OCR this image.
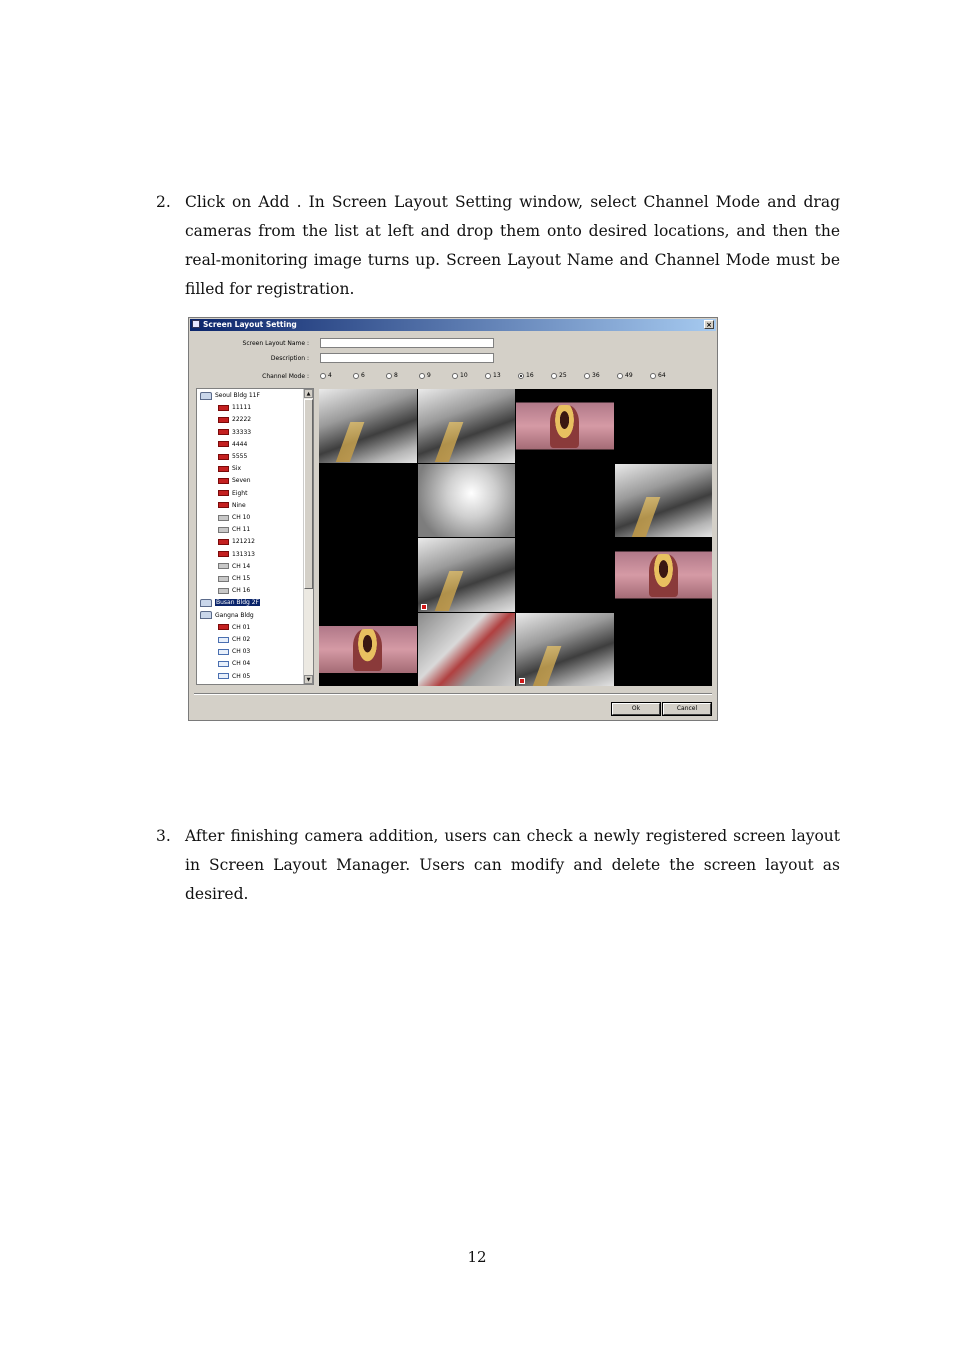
2. Click on Add . In Screen Layout Setting window, select Channel Mode and drag cameras from the list at left and drop them onto desired locations, and then the real-monitoring image turns up. Screen Layout Name and Channel Mode must be filled for registration.
Screen Layout Setting	×
Screen Layout Name :
Description :
Channel Mode :	4	6	8	9	10	13	16	25	36	49	64
Seoul Bldg 11F
11111
22222
33333
4444
5555
Six
Seven
Eight
Nine
CH 10
CH 11
121212
131313
CH 14
CH 15
CH 16
Busan Bldg 2F
Gangna Bldg
CH 01
CH 02
CH 03
CH 04
CH 05
▲
▼
Ok	Cancel
3. After finishing camera addition, users can check a newly registered screen layout in Screen Layout Manager. Users can modify and delete the screen layout as desired.
12
